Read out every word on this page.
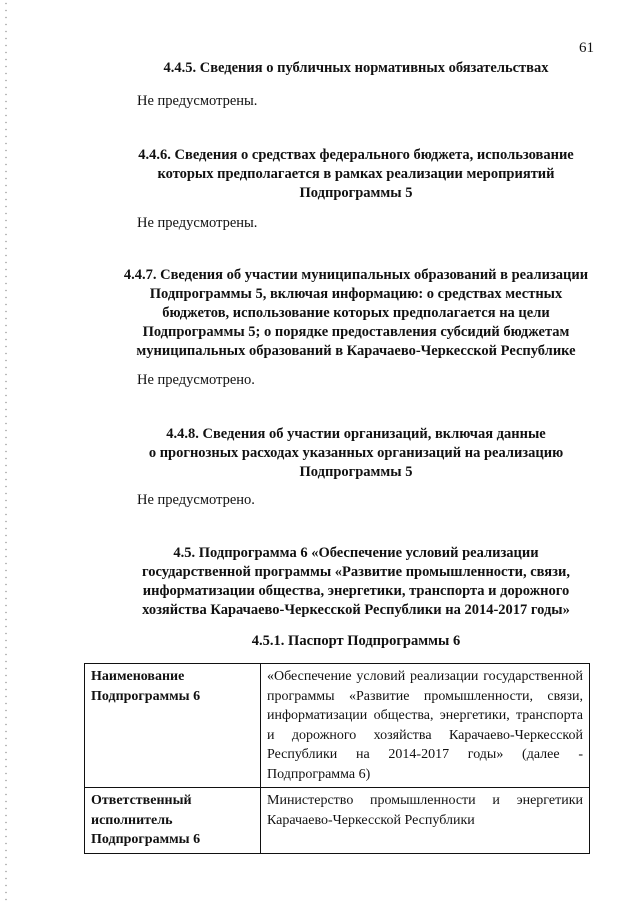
61

4.4.5. Сведения о публичных нормативных обязательствах

Не предусмотрены.

4.4.6. Сведения о средствах федерального бюджета, использование
которых предполагается в рамках реализации мероприятий
Подпрограммы 5

Не предусмотрены.

4.4.7. Сведения об участии муниципальных образований в реализации
Подпрограммы 5, включая информацию: о средствах местных
бюджетов, использование которых предполагается на цели
Подпрограммы 5; о порядке предоставления субсидий бюджетам
муниципальных образований в Карачаево-Черкесской Республике

Не предусмотрено.

4.4.8. Сведения об участии организаций, включая данные
о прогнозных расходах указанных организаций на реализацию
Подпрограммы 5

Не предусмотрено.

4.5. Подпрограмма 6 «Обеспечение условий реализации
государственной программы «Развитие промышленности, связи,
информатизации общества, энергетики, транспорта и дорожного
хозяйства Карачаево-Черкесской Республики на 2014-2017 годы»

4.5.1. Паспорт Подпрограммы 6

Наименование
Подпрограммы 6	«Обеспечение условий реализации государственной программы «Развитие промышленности, связи, информатизации общества, энергетики, транспорта и дорожного хозяйства Карачаево-Черкесской Республики на 2014-2017 годы» (далее - Подпрограмма 6)
Ответственный
исполнитель
Подпрограммы 6	Министерство промышленности и энергетики Карачаево-Черкесской Республики
